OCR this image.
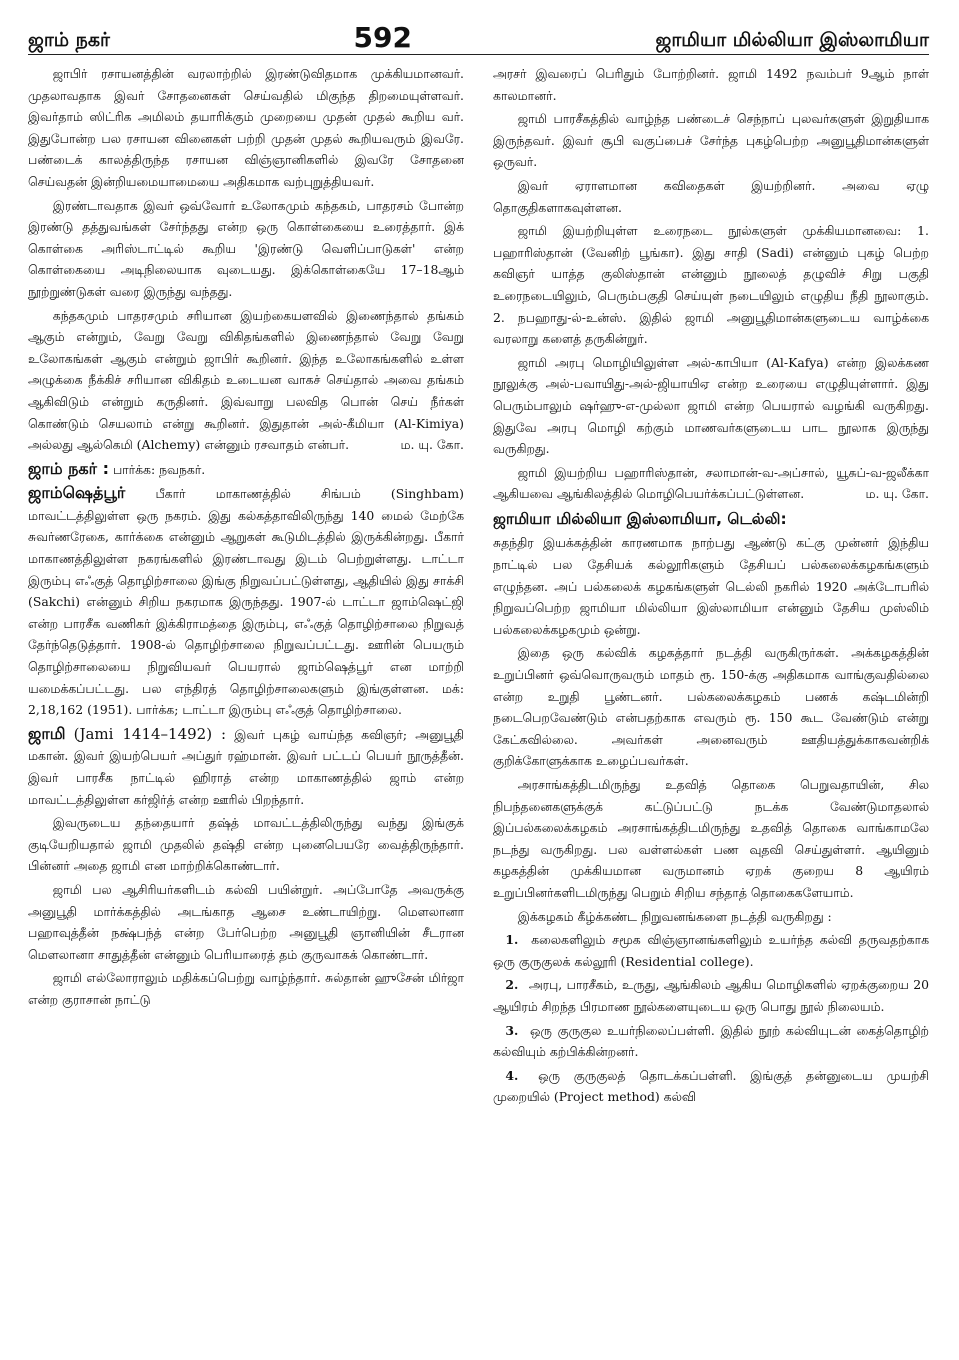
ஜாம் நகர்	592	ஜாமியா மில்லியா இஸ்லாமியா

ஜாபிர் ரசாயனத்தின் வரலாற்றில் இரண்டுவிதமாக முக்கியமானவர். முதலாவதாக இவர் சோதனைகள் செய்வதில் மிகுந்த திறமையுள்ளவர். இவர்தாம் ஸிட்ரிக அமிலம் தயாரிக்கும் முறையை முதன் முதல் கூறிய வர். இதுபோன்ற பல ரசாயன வினைகள் பற்றி முதன் முதல் கூறியவரும் இவரே. பண்டைக் காலத்திருந்த ரசாயன விஞ்ஞானிகளில் இவரே சோதனை செய்வதன் இன்றியமையாமையை அதிகமாக வற்புறுத்தியவர்.

இரண்டாவதாக இவர் ஒவ்வோர் உலோகமும் கந்தகம், பாதரசம் போன்ற இரண்டு தத்துவங்கள் சேர்ந்தது என்ற ஒரு கொள்கையை உரைத்தார். இக் கொள்கை அரிஸ்டாட்டில் கூறிய 'இரண்டு வெளிப்பாடுகள்' என்ற கொள்கையை அடிநிலையாக வுடையது. இக்கொள்கையே 17–18ஆம் நூற்றுண்டுகள் வரை இருந்து வந்தது.

கந்தகமும் பாதரசமும் சரியான இயற்கையளவில் இணைந்தால் தங்கம் ஆகும் என்றும், வேறு வேறு விகிதங்களில் இணைந்தால் வேறு வேறு உலோகங்கள் ஆகும் என்றும் ஜாபிர் கூறினர். இந்த உலோகங்களில் உள்ள அழுக்கை நீக்கிச் சரியான விகிதம் உடையன வாகச் செய்தால் அவை தங்கம் ஆகிவிடும் என்றும் கருதினர். இவ்வாறு பலவித பொன் செய் நீர்கள் கொண்டும் செயலாம் என்று கூறினர். இதுதான் அல்-கீமியா (Al-Kimiya) அல்லது ஆல்கெமி (Alchemy) என்னும் ரசவாதம் என்பர்.	ம. யு. கோ.

ஜாம் நகர் : பார்க்க: நவநகர்.

ஜாம்ஷெத்பூர் பீகார் மாகாணத்தில் சிங்பம் (Singhbam) மாவட்டத்திலுள்ள ஒரு நகரம். இது கல்கத்தாவிலிருந்து 140 மைல் மேற்கே சுவர்ணரேகை, கார்க்கை என்னும் ஆறுகள் கூடுமிடத்தில் இருக்கின்றது. பீகார் மாகாணத்திலுள்ள நகரங்களில் இரண்டாவது இடம் பெற்றுள்ளது. டாட்டா இரும்பு எஃகுத் தொழிற்சாலை இங்கு நிறுவப்பட்டுள்ளது, ஆதியில் இது சாக்சி (Sakchi) என்னும் சிறிய நகரமாக இருந்தது. 1907-ல் டாட்டா ஜாம்ஷெட்ஜி என்ற பாரசீக வணிகர் இக்கிராமத்தை இரும்பு, எஃகுத் தொழிற்சாலை நிறுவத் தேர்ந்தெடுத்தார். 1908-ல் தொழிற்சாலை நிறுவப்பட்டது. ஊரின் பெயரும் தொழிற்சாலையை நிறுவியவர் பெயரால் ஜாம்ஷெத்பூர் என மாற்றி யமைக்கப்பட்டது. பல எந்திரத் தொழிற்சாலைகளும் இங்குள்ளன. மக்: 2,18,162 (1951). பார்க்க; டாட்டா இரும்பு எஃகுத் தொழிற்சாலை.

ஜாமி (Jami 1414–1492) : இவர் புகழ் வாய்ந்த கவிஞர்; அனுபூதி மகான். இவர் இயற்பெயர் அப்துர் ரஹ்மான். இவர் பட்டப் பெயர் நூருத்தீன். இவர் பாரசீக நாட்டில் ஹிராத் என்ற மாகாணத்தில் ஜாம் என்ற மாவட்டத்திலுள்ள கர்ஜிர்த் என்ற ஊரில் பிறந்தார்.

இவருடைய தந்தையார் தஷ்த் மாவட்டத்திலிருந்து வந்து இங்குக் குடியேறியதால் ஜாமி முதலில் தஷ்தி என்ற புனைபெயரே வைத்திருந்தார். பின்னர் அதை ஜாமி என மாற்றிக்கொண்டார்.

ஜாமி பல ஆசிரியர்களிடம் கல்வி பயின்றுர். அப்போதே அவருக்கு அனுபூதி மார்க்கத்தில் அடங்காத ஆசை உண்டாயிற்று. மௌலானா பஹாவுத்தீன் நக்ஷ்பந்த் என்ற பேர்பெற்ற அனுபூதி ஞானியின் சீடரான மௌலானா சாதுத்தீன் என்னும் பெரியாரைத் தம் குருவாகக் கொண்டார்.

ஜாமி எல்லோராலும் மதிக்கப்பெற்று வாழ்ந்தார். சுல்தான் ஹுசேன் மிர்ஜா என்ற குராசான் நாட்டு

அரசர் இவரைப் பெரிதும் போற்றினர். ஜாமி 1492 நவம்பர் 9ஆம் நாள் காலமானர்.

ஜாமி பாரசீகத்தில் வாழ்ந்த பண்டைச் செந்நாப் புலவர்களுள் இறுதியாக இருந்தவர். இவர் சூபி வகுப்பைச் சேர்ந்த புகழ்பெற்ற அனுபூதிமான்களுள் ஒருவர்.

இவர் ஏராளமான கவிதைகள் இயற்றினர். அவை ஏழு தொகுதிகளாகவுள்ளன.

ஜாமி இயற்றியுள்ள உரைநடை நூல்களுள் முக்கியமானவை: 1. பஹாரிஸ்தான் (வேனிற் பூங்கா). இது சாதி (Sadi) என்னும் புகழ் பெற்ற கவிஞர் யாத்த குலிஸ்தான் என்னும் நூலைத் தழுவிச் சிறு பகுதி உரைநடையிலும், பெரும்பகுதி செய்யுள் நடையிலும் எழுதிய நீதி நூலாகும். 2. நபஹாது-ல்-உன்ஸ். இதில் ஜாமி அனுபூதிமான்களுடைய வாழ்க்கை வரலாறு களைத் தருகின்றுர்.

ஜாமி அரபு மொழியிலுள்ள அல்-காபியா (Al-Kafya) என்ற இலக்கண நூலுக்கு அல்-பவாயிது-அல்-ஜியாயிஏ என்ற உரையை எழுதியுள்ளார். இது பெரும்பாலும் ஷர்ஹு-எ-முல்லா ஜாமி என்ற பெயரால் வழங்கி வருகிறது. இதுவே அரபு மொழி கற்கும் மாணவர்களுடைய பாட நூலாக இருந்து வருகிறது.

ஜாமி இயற்றிய பஹாரிஸ்தான், சலாமான்-வ-அப்சால், யூசுப்-வ-ஜலீக்கா ஆகியவை ஆங்கிலத்தில் மொழிபெயர்க்கப்பட்டுள்ளன.	ம. யு. கோ.

ஜாமியா மில்லியா இஸ்லாமியா, டெல்லி:

சுதந்திர இயக்கத்தின் காரணமாக நாற்பது ஆண்டு கட்கு முன்னர் இந்திய நாட்டில் பல தேசியக் கல்லூரிகளும் தேசியப் பல்கலைக்கழகங்களும் எழுந்தன. அப் பல்கலைக் கழகங்களுள் டெல்லி நகரில் 1920 அக்டோபரில் நிறுவப்பெற்ற ஜாமியா மில்லியா இஸ்லாமியா என்னும் தேசிய முஸ்லிம் பல்கலைக்கழகமும் ஒன்று.

இதை ஒரு கல்விக் கழகத்தார் நடத்தி வருகிருர்கள். அக்கழகத்தின் உறுப்பினர் ஒவ்வொருவரும் மாதம் ரூ. 150-க்கு அதிகமாக வாங்குவதில்லை என்ற உறுதி பூண்டனர். பல்கலைக்கழகம் பணக் கஷ்டமின்றி நடைபெறவேண்டும் என்பதற்காக எவரும் ரூ. 150 கூட வேண்டும் என்று கேட்கவில்லை. அவர்கள் அனைவரும் ஊதியத்துக்காகவன்றிக் குறிக்கோளுக்காக உழைப்பவர்கள்.

அரசாங்கத்திடமிருந்து உதவித் தொகை பெறுவதாயின், சில நிபந்தனைகளுக்குக் கட்டுப்பட்டு நடக்க வேண்டுமாதலால் இப்பல்கலைக்கழகம் அரசாங்கத்திடமிருந்து உதவித் தொகை வாங்காமலே நடந்து வருகிறது. பல வள்ளல்கள் பண வுதவி செய்துள்ளர். ஆயினும் கழகத்தின் முக்கியமான வருமானம் ஏறக் குறைய 8 ஆயிரம் உறுப்பினர்களிடமிருந்து பெறும் சிறிய சந்தாத் தொகைகளேயாம்.

இக்கழகம் கீழ்க்கண்ட நிறுவனங்களை நடத்தி வருகிறது :

1. கலைகளிலும் சமூக விஞ்ஞானங்களிலும் உயர்ந்த கல்வி தருவதற்காக ஒரு குருகுலக் கல்லூரி (Residential college).
2. அரபு, பாரசீகம், உருது, ஆங்கிலம் ஆகிய மொழிகளில் ஏறக்குறைய 20 ஆயிரம் சிறந்த பிரமாண நூல்களையுடைய ஒரு பொது நூல் நிலையம்.
3. ஒரு குருகுல உயர்நிலைப்பள்ளி. இதில் நூற் கல்வியுடன் கைத்தொழிற் கல்வியும் கற்பிக்கின்றனர்.
4. ஒரு குருகுலத் தொடக்கப்பள்ளி. இங்குத் தன்னுடைய முயற்சி முறையில் (Project method) கல்வி
